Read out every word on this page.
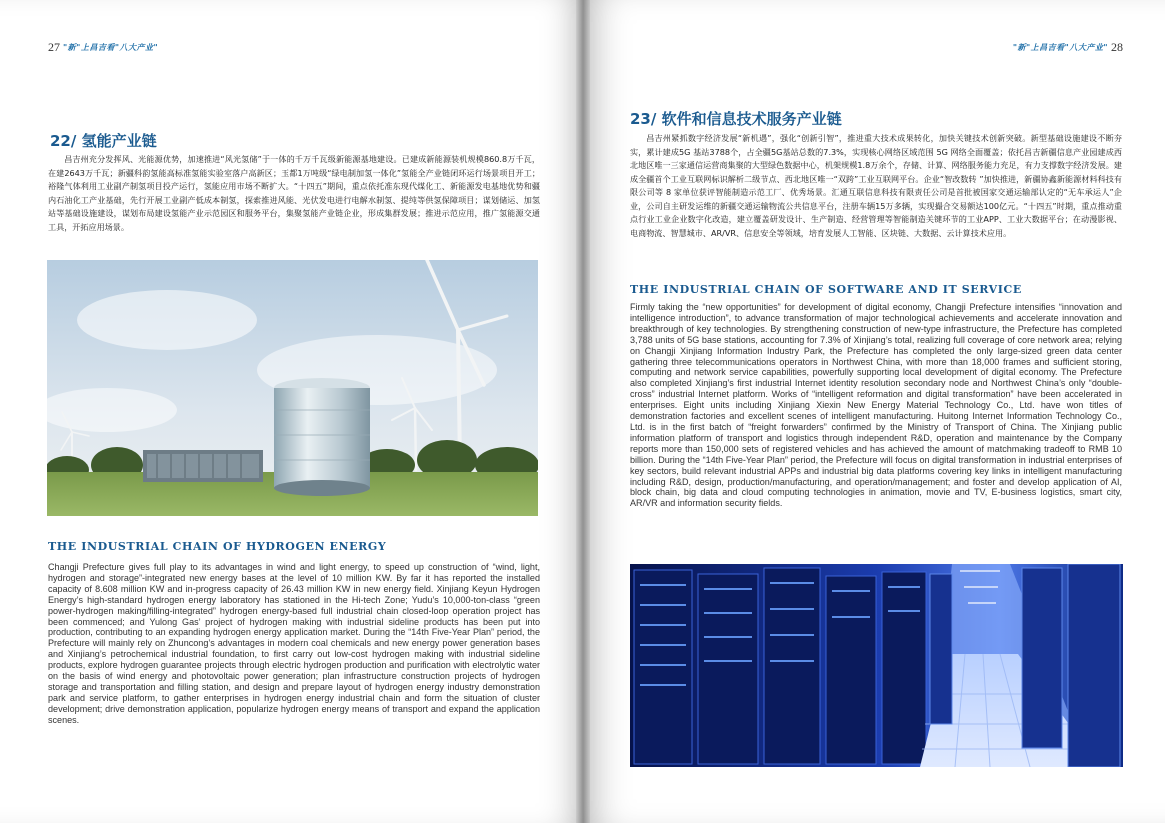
27 "新"上昌吉看"八大产业"
22/ 氢能产业链

昌吉州充分发挥风、光能源优势，加速推进“风光氢储”于一体的千万千瓦级新能源基地建设。已建成新能源装机规模860.8万千瓦，在建2643万千瓦；新疆科韵氢能高标准氢能实验室落户高新区；玉都1万吨级“绿电制加氢一体化”氢能全产业链闭环运行场景项目开工；裕隆气体利用工业副产制氢项目投产运行，氢能应用市场不断扩大。“十四五”期间，重点依托准东现代煤化工、新能源发电基地优势和疆内石油化工产业基础，先行开展工业副产低成本制氢，探索推进风能、光伏发电进行电解水制氢、提纯等供氢保障项目；谋划储运、加氢站等基础设施建设，谋划布局建设氢能产业示范园区和服务平台，集聚氢能产业链企业，形成集群发展；推进示范应用，推广氢能源交通工具，开拓应用场景。

THE INDUSTRIAL CHAIN OF HYDROGEN ENERGY

Changji Prefecture gives full play to its advantages in wind and light energy, to speed up construction of “wind, light, hydrogen and storage”-integrated new energy bases at the level of 10 million KW. By far it has reported the installed capacity of 8.608 million KW and in-progress capacity of 26.43 million KW in new energy field. Xinjiang Keyun Hydrogen Energy’s high-standard hydrogen energy laboratory has stationed in the Hi-tech Zone; Yudu’s 10,000-ton-class “green power-hydrogen making/filling-integrated” hydrogen energy-based full industrial chain closed-loop operation project has been commenced; and Yulong Gas’ project of hydrogen making with industrial sideline products has been put into production, contributing to an expanding hydrogen energy application market. During the “14th Five-Year Plan” period, the Prefecture will mainly rely on Zhuncong’s advantages in modern coal chemicals and new energy power generation bases and Xinjiang’s petrochemical industrial foundation, to first carry out low-cost hydrogen making with industrial sideline products, explore hydrogen guarantee projects through electric hydrogen production and purification with electrolytic water on the basis of wind energy and photovoltaic power generation; plan infrastructure construction projects of hydrogen storage and transportation and filling station, and design and prepare layout of hydrogen energy industry demonstration park and service platform, to gather enterprises in hydrogen energy industrial chain and form the situation of cluster development; drive demonstration application, popularize hydrogen energy means of transport and expand the application scenes.

"新"上昌吉看"八大产业" 28
23/ 软件和信息技术服务产业链

昌吉州紧抓数字经济发展“新机遇”，强化“创新引智”，推进重大技术成果转化，加快关键技术创新突破。新型基础设施建设不断夯实，累计建成5G 基站3788个，占全疆5G基站总数的7.3%，实现核心网络区域范围 5G 网络全面覆盖；依托昌吉新疆信息产业园建成西北地区唯一三家通信运营商集聚的大型绿色数据中心，机架规模1.8万余个，存储、计算、网络服务能力充足，有力支撑数字经济发展。建成全疆首个工业互联网标识解析二级节点、西北地区唯一“双跨”工业互联网平台。企业“智改数转 ”加快推进，新疆协鑫新能源材料科技有限公司等 8 家单位获评智能制造示范工厂、优秀场景。汇通互联信息科技有限责任公司是首批被国家交通运输部认定的“无车承运人”企业，公司自主研发运维的新疆交通运输物流公共信息平台，注册车辆15万多辆，实现撮合交易额达100亿元。“十四五”时期，重点推动重点行业工业企业数字化改造，建立覆盖研发设计、生产制造、经营管理等智能制造关键环节的工业APP、工业大数据平台；在动漫影视、电商物流、智慧城市、AR/VR、信息安全等领域，培育发展人工智能、区块链、大数据、云计算技术应用。

THE INDUSTRIAL CHAIN OF SOFTWARE AND IT SERVICE

Firmly taking the “new opportunities” for development of digital economy, Changji Prefecture intensifies “innovation and intelligence introduction”, to advance transformation of major technological achievements and accelerate innovation and breakthrough of key technologies. By strengthening construction of new-type infrastructure, the Prefecture has completed 3,788 units of 5G base stations, accounting for 7.3% of Xinjiang’s total, realizing full coverage of core network area; relying on Changji Xinjiang Information Industry Park, the Prefecture has completed the only large-sized green data center gathering three telecommunications operators in Northwest China, with more than 18,000 frames and sufficient storing, computing and network service capabilities, powerfully supporting local development of digital economy. The Prefecture also completed Xinjiang’s first industrial Internet identity resolution secondary node and Northwest China’s only “double-cross” industrial Internet platform. Works of “intelligent reformation and digital transformation” have been accelerated in enterprises. Eight units including Xinjiang Xiexin New Energy Material Technology Co., Ltd. have won titles of demonstration factories and excellent scenes of intelligent manufacturing. Huitong Internet Information Technology Co., Ltd. is in the first batch of “freight forwarders” confirmed by the Ministry of Transport of China. The Xinjiang public information platform of transport and logistics through independent R&D, operation and maintenance by the Company reports more than 150,000 sets of registered vehicles and has achieved the amount of matchmaking tradeoff to RMB 10 billion. During the “14th Five-Year Plan” period, the Prefecture will focus on digital transformation in industrial enterprises of key sectors, build relevant industrial APPs and industrial big data platforms covering key links in intelligent manufacturing including R&D, design, production/manufacturing, and operation/management; and foster and develop application of AI, block chain, big data and cloud computing technologies in animation, movie and TV, E-business logistics, smart city, AR/VR and information security fields.
